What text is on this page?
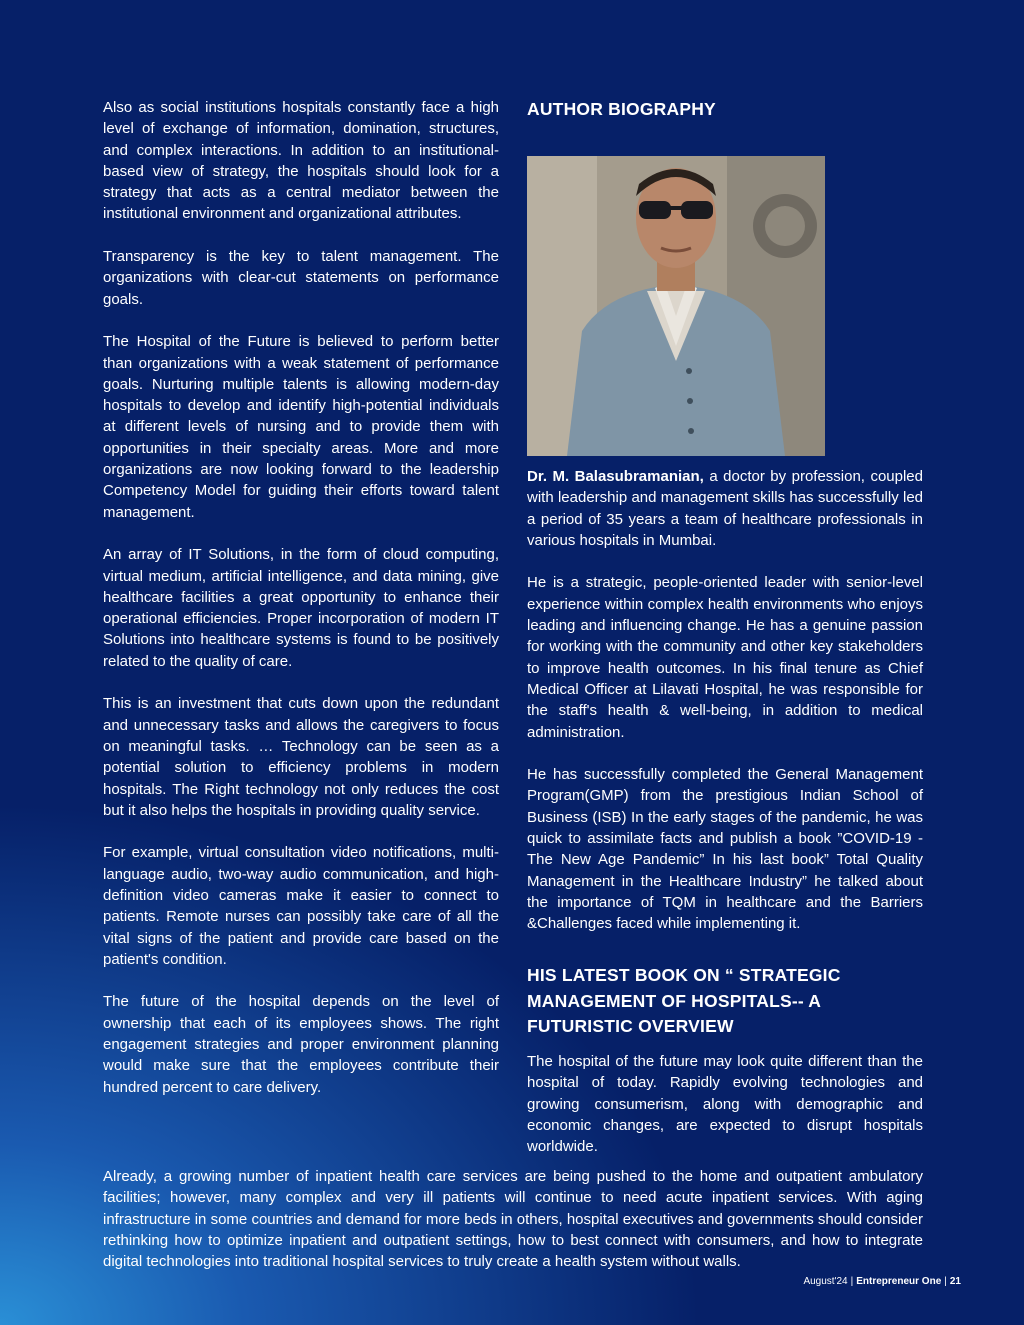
Also as social institutions hospitals constantly face a high level of exchange of information, domination, structures, and complex interactions. In addition to an institutional-based view of strategy, the hospitals should look for a strategy that acts as a central mediator between the institutional environment and organizational attributes.

Transparency is the key to talent management. The organizations with clear-cut statements on performance goals.

The Hospital of the Future is believed to perform better than organizations with a weak statement of performance goals. Nurturing multiple talents is allowing modern-day hospitals to develop and identify high-potential individuals at different levels of nursing and to provide them with opportunities in their specialty areas. More and more organizations are now looking forward to the leadership Competency Model for guiding their efforts toward talent management.

An array of IT Solutions, in the form of cloud computing, virtual medium, artificial intelligence, and data mining, give healthcare facilities a great opportunity to enhance their operational efficiencies. Proper incorporation of modern IT Solutions into healthcare systems is found to be positively related to the quality of care.

This is an investment that cuts down upon the redundant and unnecessary tasks and allows the caregivers to focus on meaningful tasks. … Technology can be seen as a potential solution to efficiency problems in modern hospitals. The Right technology not only reduces the cost but it also helps the hospitals in providing quality service.

For example, virtual consultation video notifications, multi-language audio, two-way audio communication, and high-definition video cameras make it easier to connect to patients. Remote nurses can possibly take care of all the vital signs of the patient and provide care based on the patient's condition.

The future of the hospital depends on the level of ownership that each of its employees shows. The right engagement strategies and proper environment planning would make sure that the employees contribute their hundred percent to care delivery.

AUTHOR BIOGRAPHY

Dr. M. Balasubramanian, a doctor by profession, coupled with leadership and management skills has successfully led a period of 35 years a team of healthcare professionals in various hospitals in Mumbai.

He is a strategic, people-oriented leader with senior-level experience within complex health environments who enjoys leading and influencing change. He has a genuine passion for working with the community and other key stakeholders to improve health outcomes. In his final tenure as Chief Medical Officer at Lilavati Hospital, he was responsible for the staff's health & well-being, in addition to medical administration.

He has successfully completed the General Management Program(GMP) from the prestigious Indian School of Business (ISB) In the early stages of the pandemic, he was quick to assimilate facts and publish a book ”COVID-19 - The New Age Pandemic” In his last book” Total Quality Management in the Healthcare Industry” he talked about the importance of TQM in healthcare and the Barriers &Challenges faced while implementing it.

HIS LATEST BOOK ON “ STRATEGIC MANAGEMENT OF HOSPITALS-- A FUTURISTIC OVERVIEW

The hospital of the future may look quite different than the hospital of today. Rapidly evolving technologies and growing consumerism, along with demographic and economic changes, are expected to disrupt hospitals worldwide.

Already, a growing number of inpatient health care services are being pushed to the home and outpatient ambulatory facilities; however, many complex and very ill patients will continue to need acute inpatient services. With aging infrastructure in some countries and demand for more beds in others, hospital executives and governments should consider rethinking how to optimize inpatient and outpatient settings, how to best connect with consumers, and how to integrate digital technologies into traditional hospital services to truly create a health system without walls.

August'24 | Entrepreneur One | 21
